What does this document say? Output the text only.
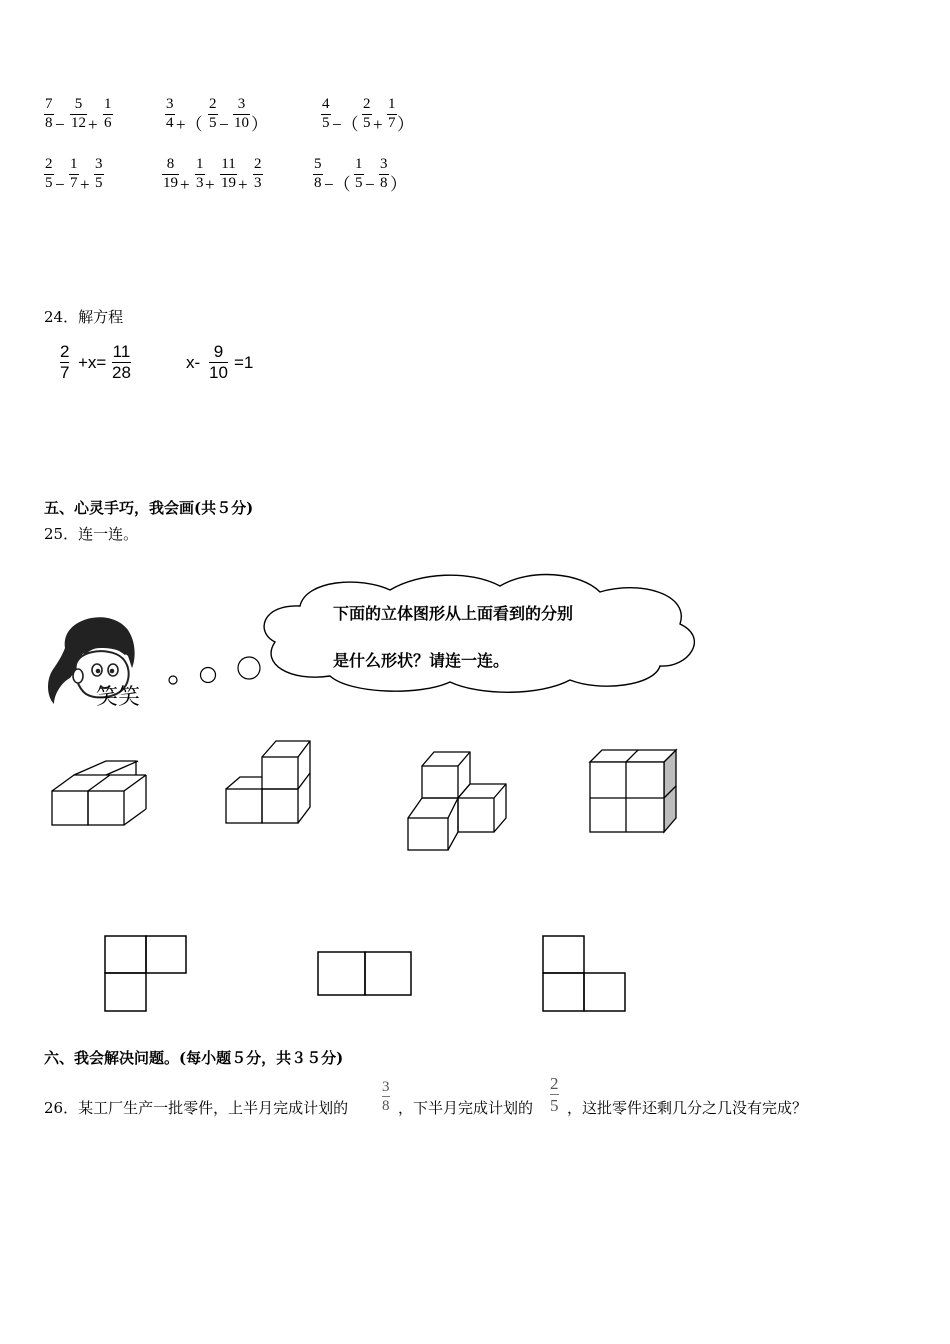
7
8 −
5
12 +
1
6
3
4 +（
2
5 −
3
10 ）
4
5 −（
2
5 +
1
7 ）
2
5 −
1
7 +
3
5
8
19 +
1
3 +
11
19 +
2
3
5
8 −（
1
5 −
3
8 ）
24．解方程
2
7
+x=
11
28
x-
9
10
=1
五、心灵手巧，我会画(共５分)
25．连一连。
笑笑
下面的立体图形从上面看到的分别
是什么形状？请连一连。
六、我会解决问题。(每小题５分，共３５分)
26．某工厂生产一批零件，上半月完成计划的
3
8 ，下半月完成计划的
2
5 ，这批零件还剩几分之几没有完成？
